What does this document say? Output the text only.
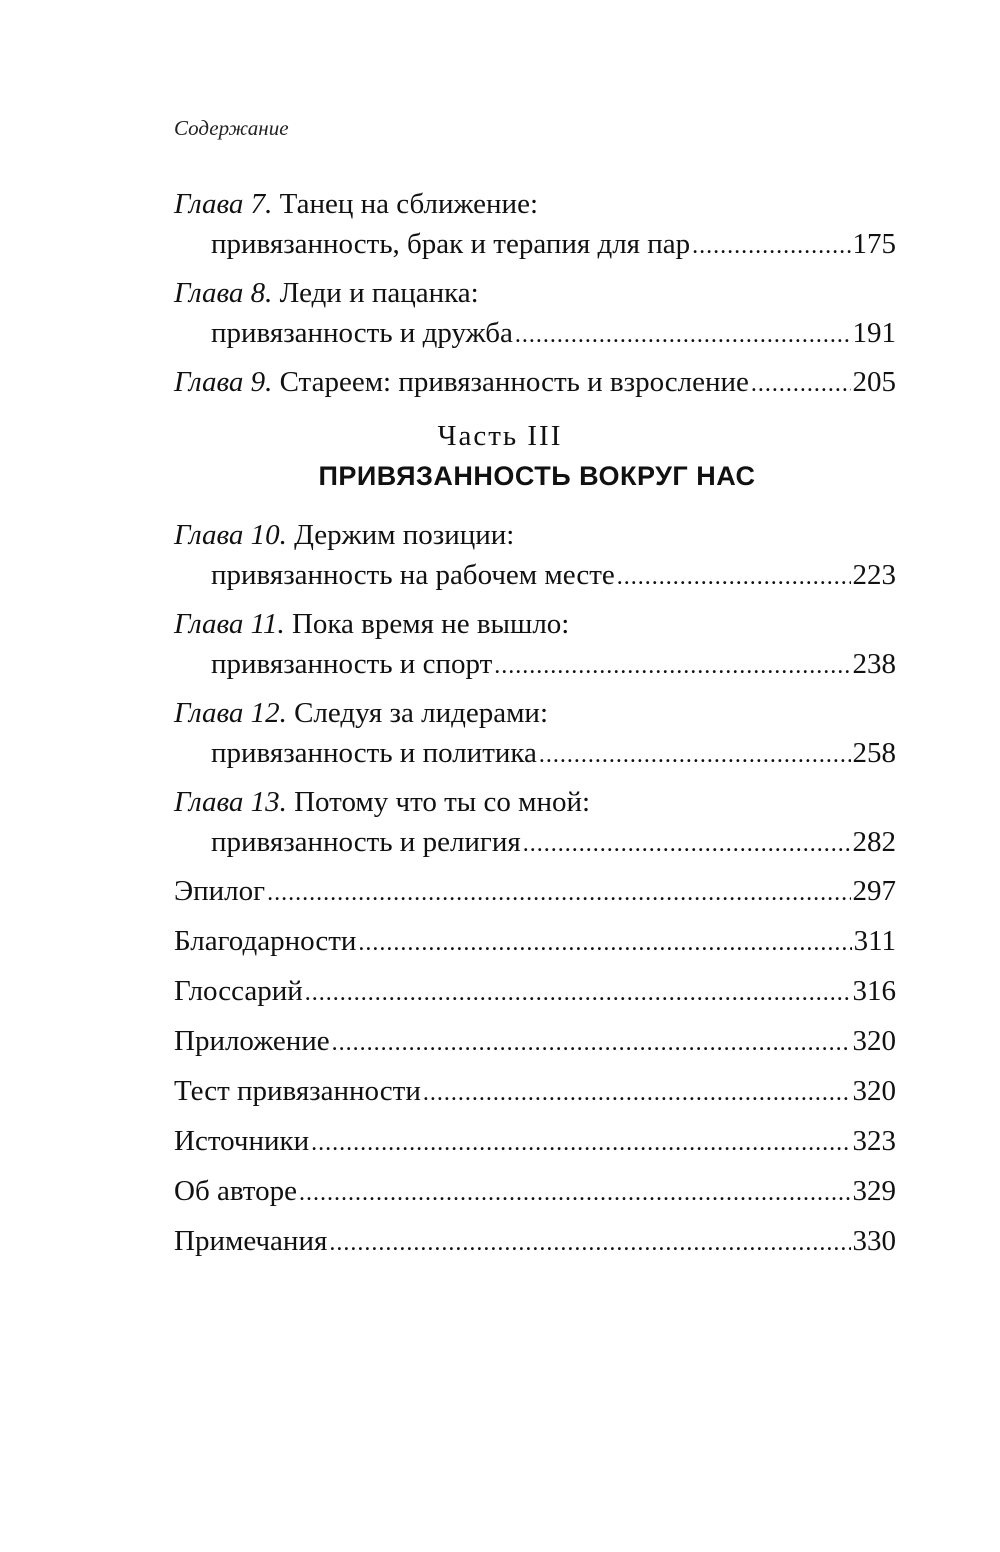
Содержание
Глава 7. Танец на сближение:
привязанность, брак и терапия для пар .....	175
Глава 8. Леди и пацанка:
привязанность и дружба .....	191
Глава 9. Стареем: привязанность и взросление .....	205
Часть III
ПРИВЯЗАННОСТЬ ВОКРУГ НАС
Глава 10. Держим позиции:
привязанность на рабочем месте .....	223
Глава 11. Пока время не вышло:
привязанность и спорт .....	238
Глава 12. Следуя за лидерами:
привязанность и политика .....	258
Глава 13. Потому что ты со мной:
привязанность и религия .....	282
Эпилог .....	297
Благодарности .....	311
Глоссарий .....	316
Приложение .....	320
Тест привязанности .....	320
Источники .....	323
Об авторе .....	329
Примечания .....	330
